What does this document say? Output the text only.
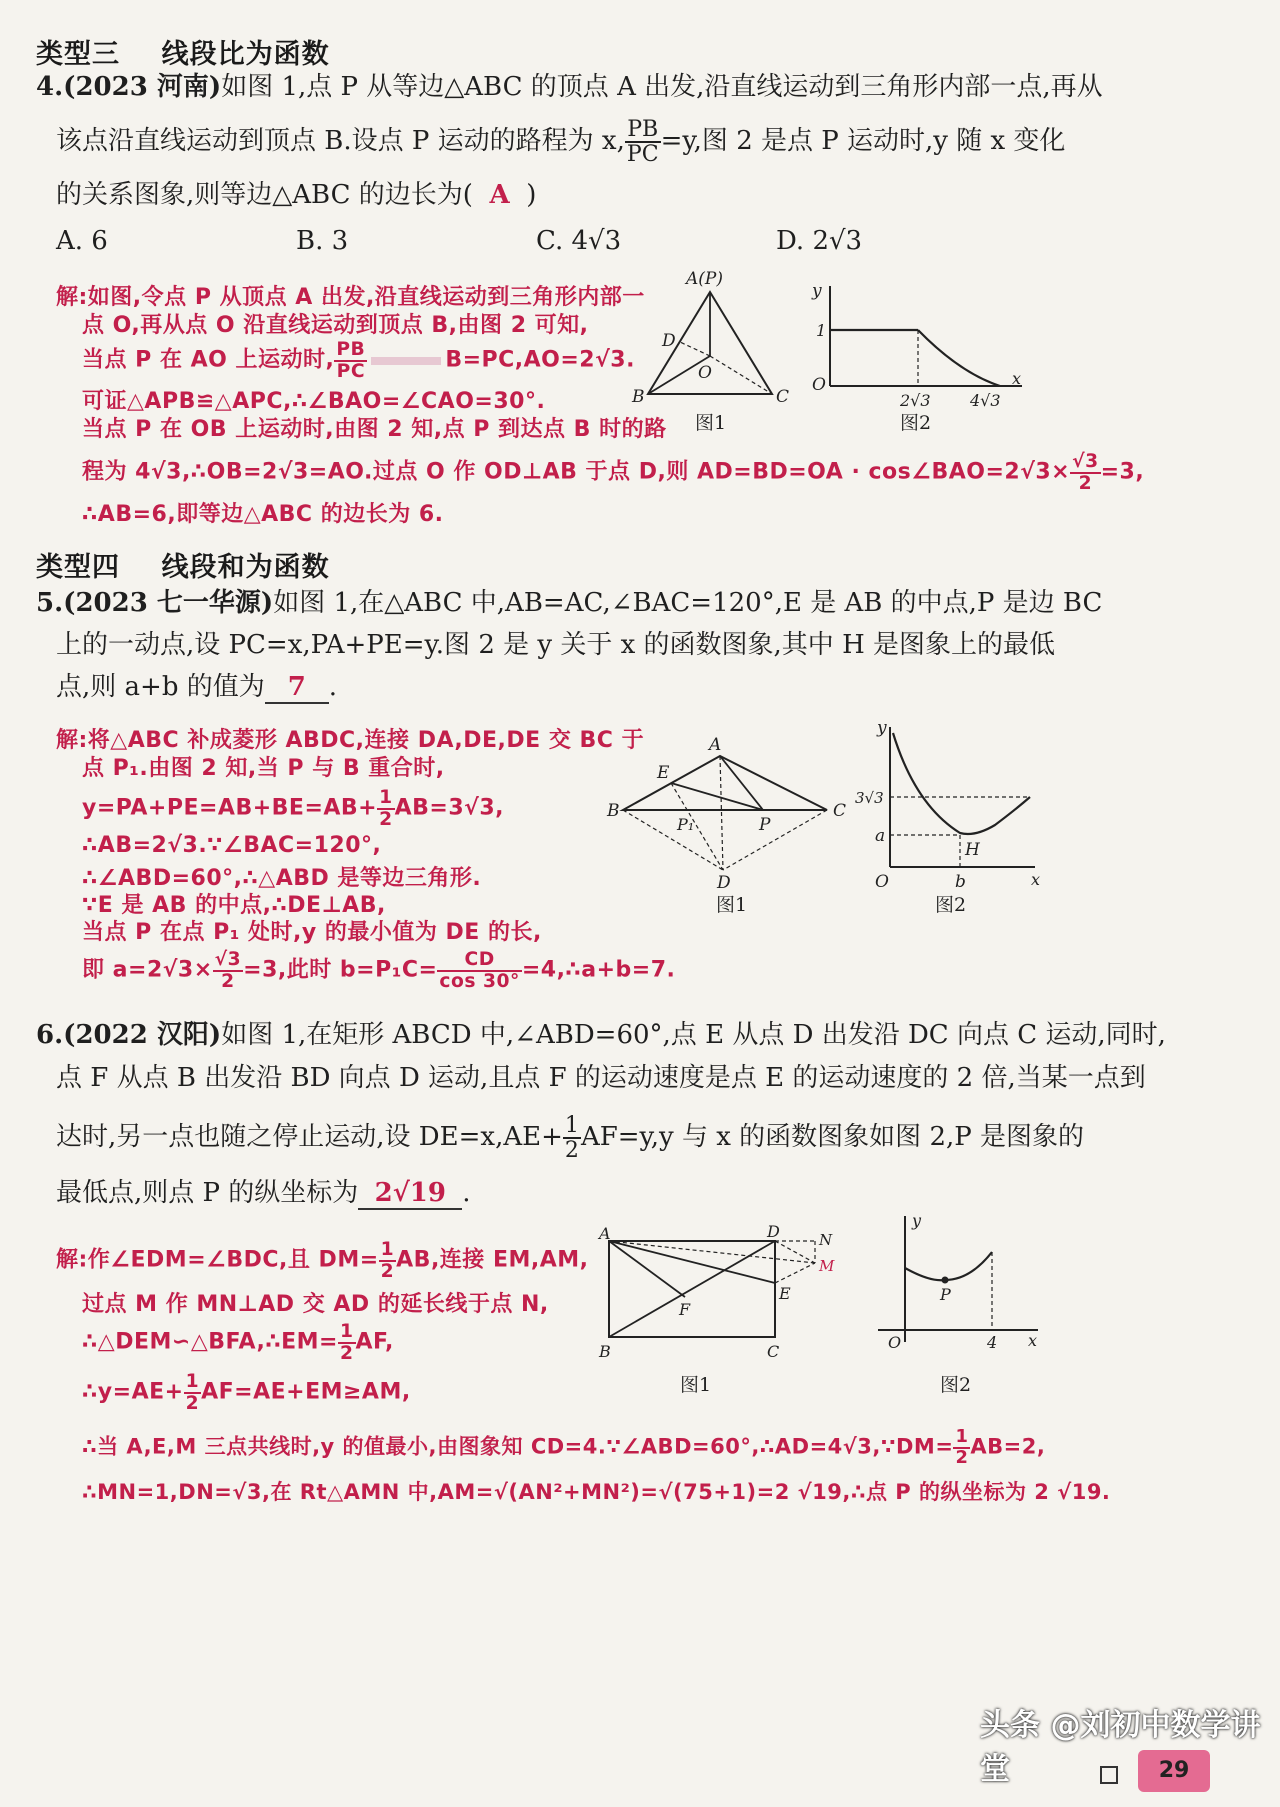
类型三 线段比为函数
4.(2023 河南)如图 1,点 P 从等边△ABC 的顶点 A 出发,沿直线运动到三角形内部一点,再从
该点沿直线运动到顶点 B.设点 P 运动的路程为 x, $\frac{PB}{PC} =y$,图 2 是点 P 运动时,y 随 x 变化
的关系图象,则等边△ABC 的边长为( A )
A. 6	B. 3	C. 4√3	D. 2√3
解:如图,令点 P 从顶点 A 出发,沿直线运动到三角形内部一
点 O,再从点 O 沿直线运动到顶点 B,由图 2 可知,
当点 P 在 AO 上运动时, $\frac{PB}{PC}$	B=PC,AO=2√3.
可证△APB≌△APC,∴∠BAO=∠CAO=30°.
当点 P 在 OB 上运动时,由图 2 知,点 P 到达点 B 时的路
程为 4√3,∴OB=2√3=AO.过点 O 作 OD⊥AB 于点 D,则 AD=BD=OA · cos∠BAO=2√3× $\frac{√3}{2} =3$,
∴AB=6,即等边△ABC 的边长为 6.
A(P)
D
O
B	C
图1
y
1
O
2√3 4√3
x
图2
类型四 线段和为函数
5.(2023 七一华源)如图 1,在△ABC 中,AB=AC,∠BAC=120°,E 是 AB 的中点,P 是边 BC
上的一动点,设 PC=x,PA+PE=y.图 2 是 y 关于 x 的函数图象,其中 H 是图象上的最低
点,则 a+b 的值为 7 .
解:将△ABC 补成菱形 ABDC,连接 DA,DE,DE 交 BC 于
点 P₁.由图 2 知,当 P 与 B 重合时,
$y=PA+PE=AB+BE=AB+ \frac{1}{2} AB=3√3$,
∴AB=2√3.∵∠BAC=120°,
∴∠ABD=60°,∴△ABD 是等边三角形.
∵E 是 AB 的中点,∴DE⊥AB,
当点 P 在点 P₁ 处时,y 的最小值为 DE 的长,
即 $a=2√3\times \frac{√3}{2} =3$,此时 $b=P_1C= \frac{CD}{\cos 30^\circ}$ =4,∴a+b=7.
A
E
B
P₁	P
C
D
图1
y
3√3
a
H
O	b	x
图2
6.(2022 汉阳)如图 1,在矩形 ABCD 中,∠ABD=60°,点 E 从点 D 出发沿 DC 向点 C 运动,同时,
点 F 从点 B 出发沿 BD 向点 D 运动,且点 F 的运动速度是点 E 的运动速度的 2 倍,当某一点到
达时,另一点也随之停止运动,设 $DE=x,AE+ \frac{1}{2} AF=y,y$ 与 x 的函数图象如图 2,P 是图象的
最低点,则点 P 的纵坐标为 2√19 .
解:作∠EDM=∠BDC,且 $DM= \frac{1}{2}$ AB,连接 EM,AM,
过点 M 作 MN⊥AD 交 AD 的延长线于点 N,
∴△DEM∽△BFA,∴EM= $\frac{1}{2}$ AF,
∴y=AE+ $\frac{1}{2} AF=AE+EM\ge AM$,
∴当 A,E,M 三点共线时,y 的值最小,由图象知 CD=4.∵∠ABD=60°,∴AD=4√3,∵DM= $\frac{1}{2} AB=2$,
∴MN=1,DN=√3,在 Rt△AMN 中,AM=√(AN²+MN²)=√(75+1)=2 √19,∴点 P 的纵坐标为 2 √19.
A	D	N
M
E
F
B	C
图1
y
P
O	4 x
图2
头条 @刘初中数学讲堂	29
